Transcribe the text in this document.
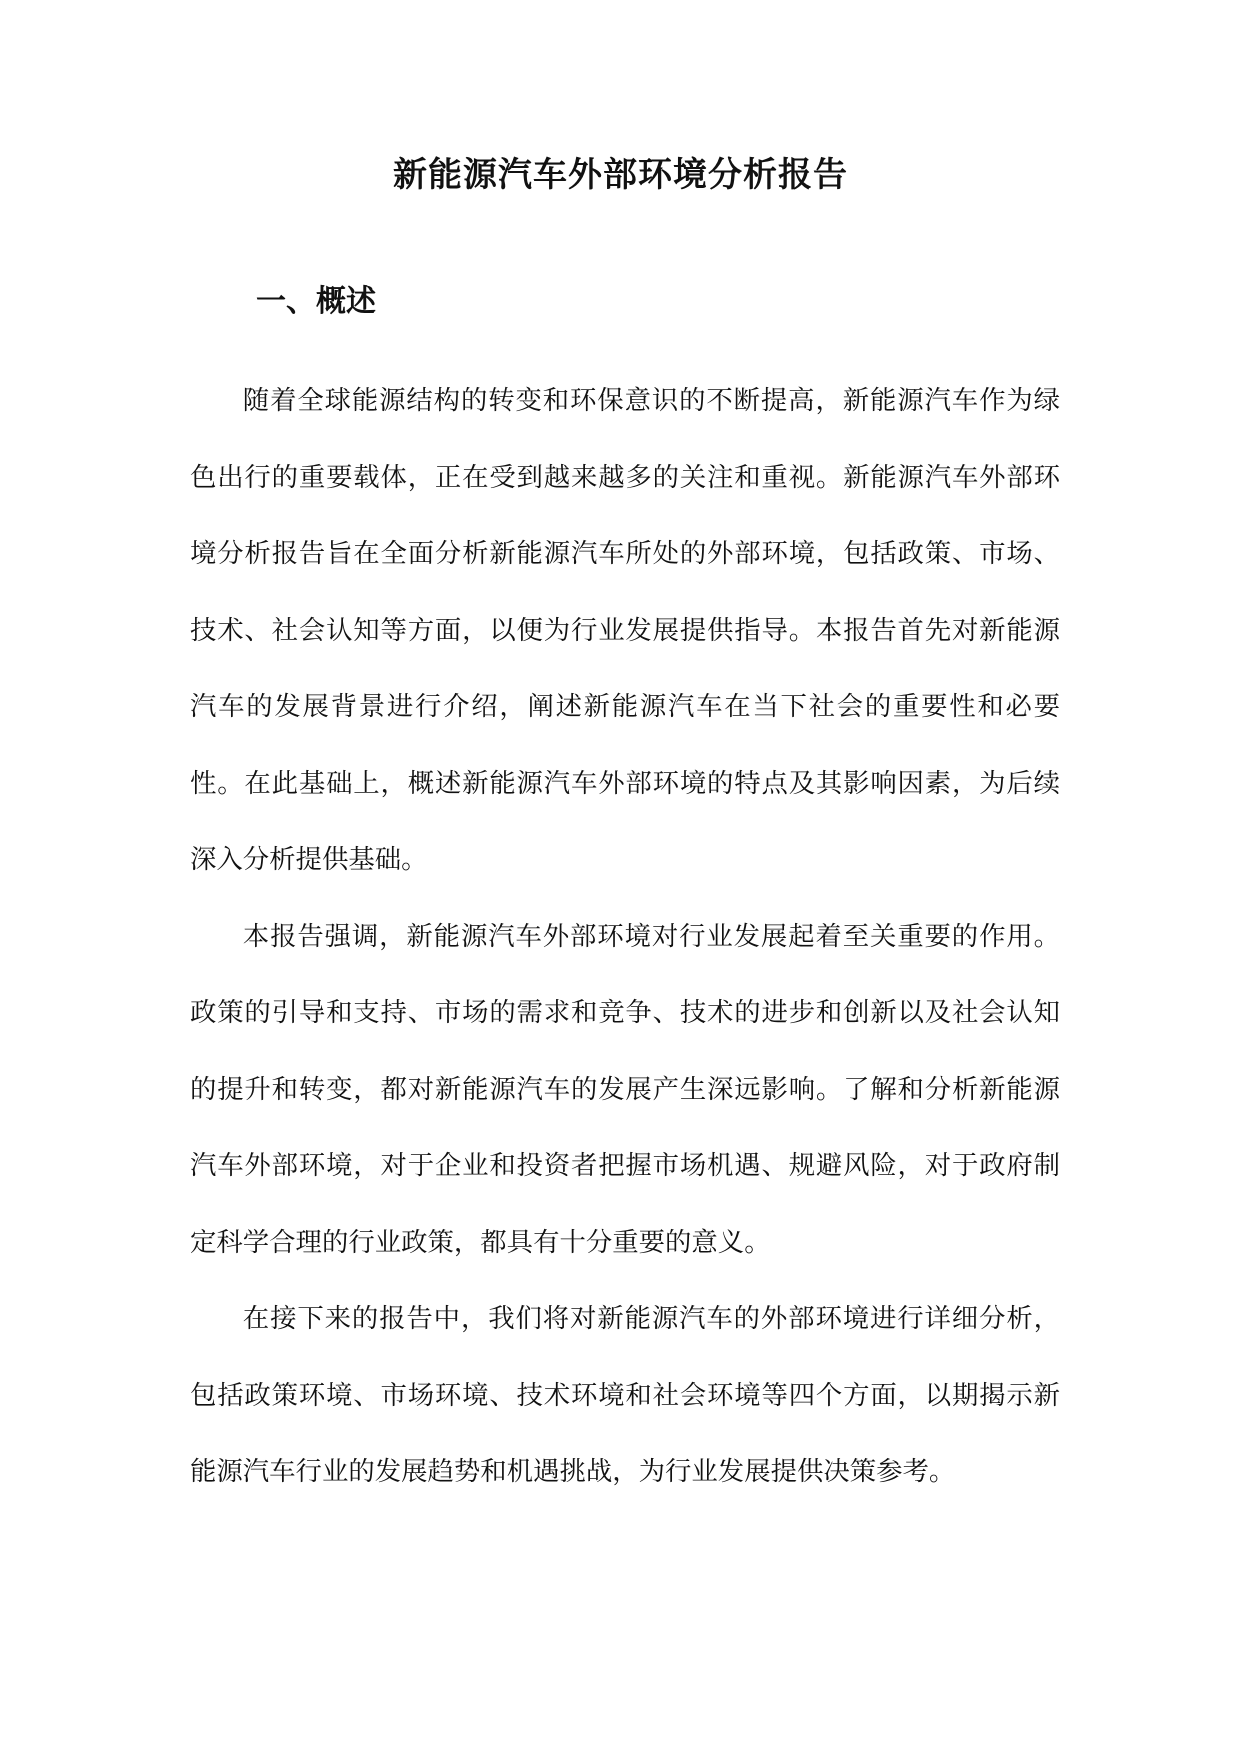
新能源汽车外部环境分析报告
一、概述

随着全球能源结构的转变和环保意识的不断提高，新能源汽车作为绿色出行的重要载体，正在受到越来越多的关注和重视。新能源汽车外部环境分析报告旨在全面分析新能源汽车所处的外部环境，包括政策、市场、技术、社会认知等方面，以便为行业发展提供指导。本报告首先对新能源汽车的发展背景进行介绍，阐述新能源汽车在当下社会的重要性和必要性。在此基础上，概述新能源汽车外部环境的特点及其影响因素，为后续深入分析提供基础。

本报告强调，新能源汽车外部环境对行业发展起着至关重要的作用。政策的引导和支持、市场的需求和竞争、技术的进步和创新以及社会认知的提升和转变，都对新能源汽车的发展产生深远影响。了解和分析新能源汽车外部环境，对于企业和投资者把握市场机遇、规避风险，对于政府制定科学合理的行业政策，都具有十分重要的意义。

在接下来的报告中，我们将对新能源汽车的外部环境进行详细分析，包括政策环境、市场环境、技术环境和社会环境等四个方面，以期揭示新能源汽车行业的发展趋势和机遇挑战，为行业发展提供决策参考。
